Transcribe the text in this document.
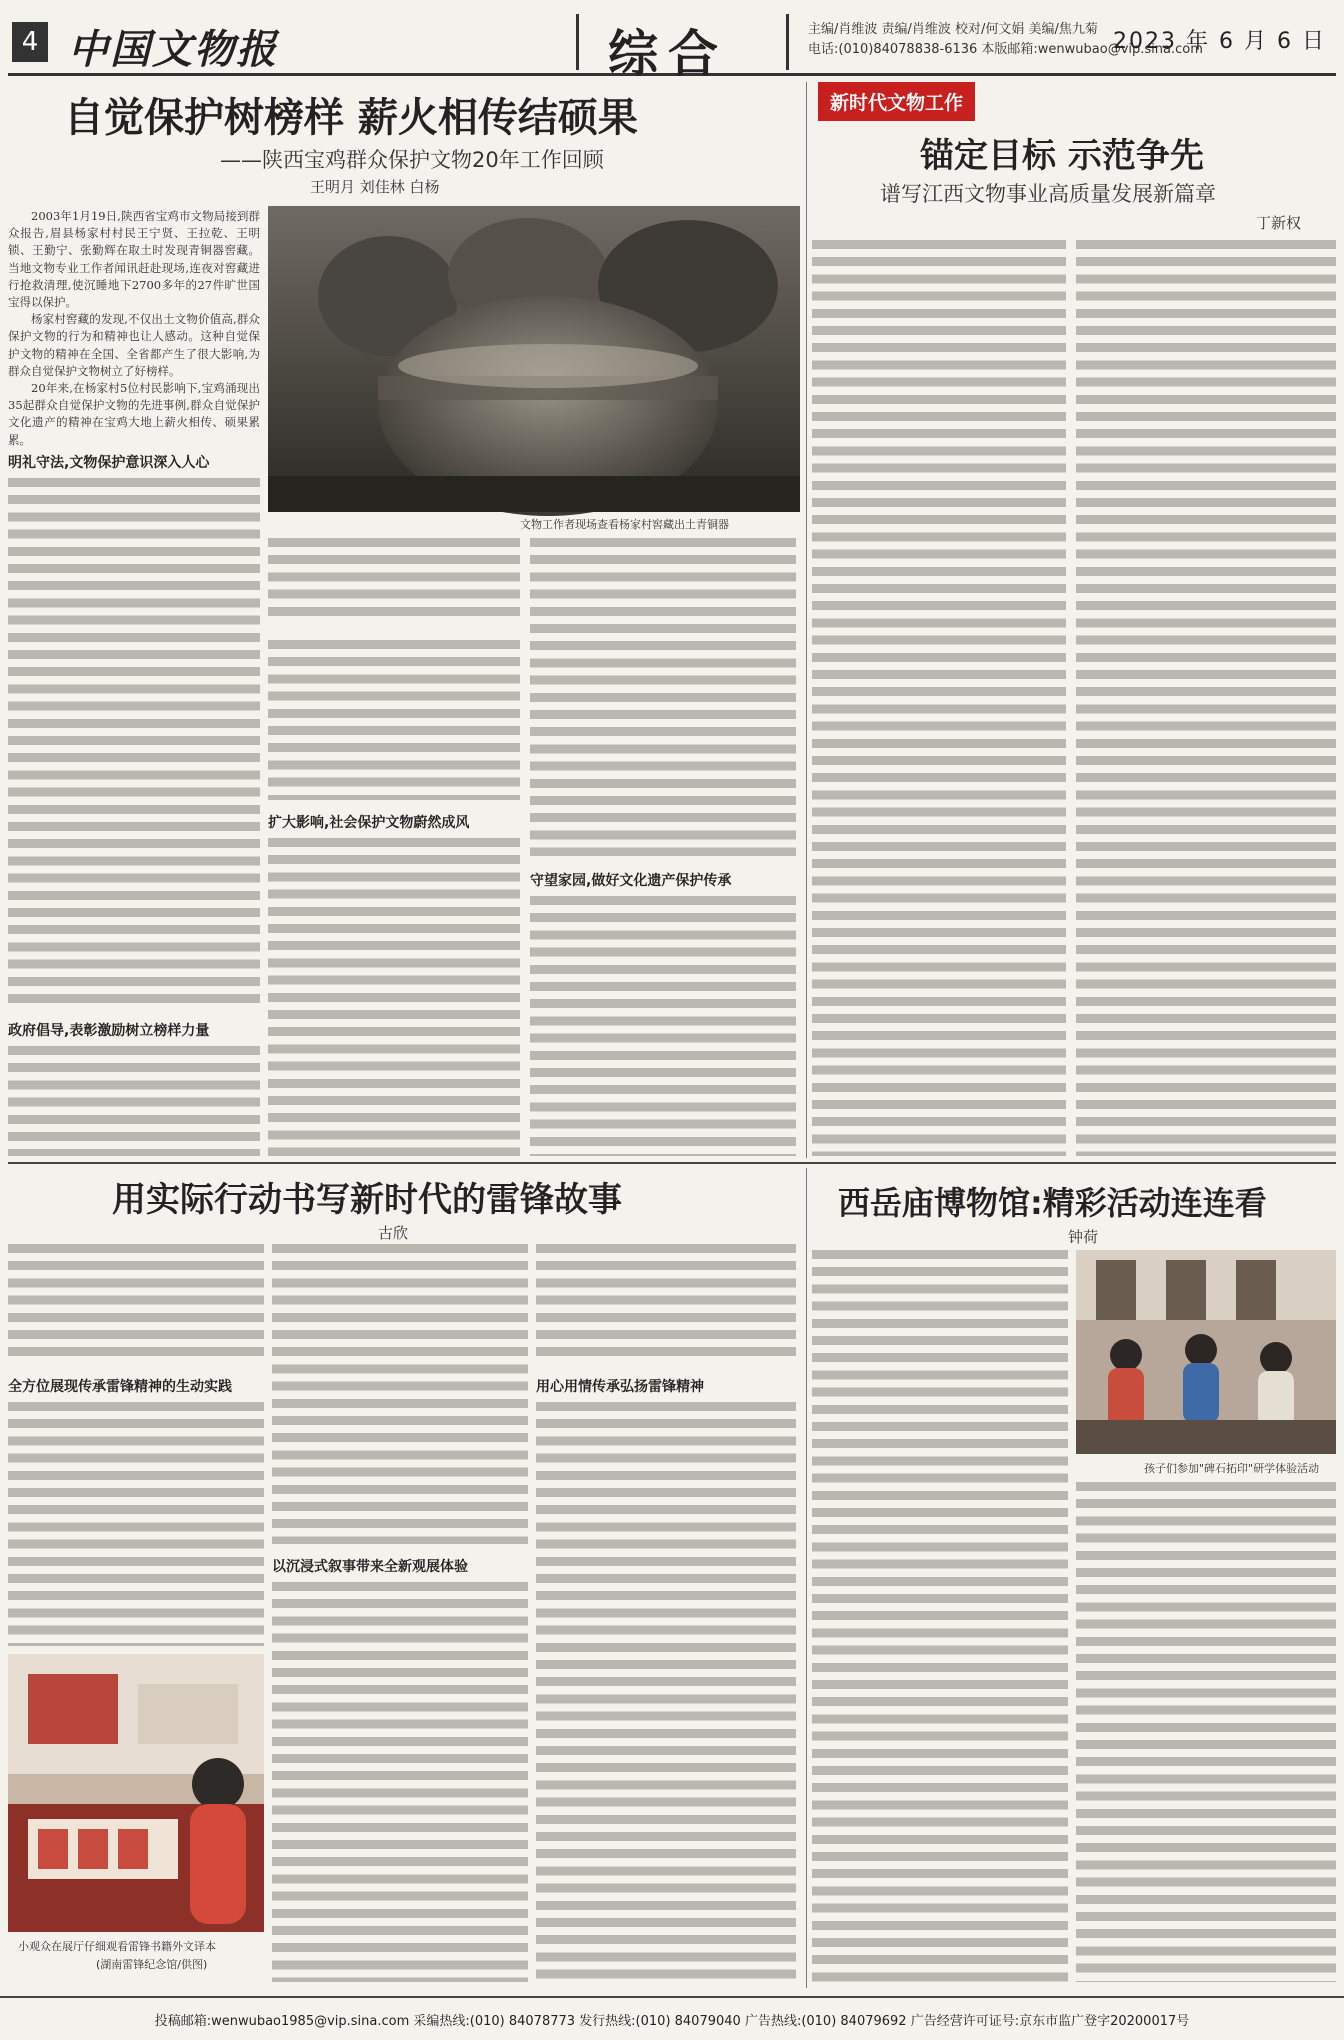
4 中国文物报	综合	主编/肖维波 责编/肖维波 校对/何文娟 美编/焦九菊
电话:(010)84078838-6136 本版邮箱:wenwubao@vip.sina.com
2023 年 6 月 6 日
自觉保护树榜样 薪火相传结硕果
——陕西宝鸡群众保护文物20年工作回顾
王明月 刘佳林 白杨

2003年1月19日,陕西省宝鸡市文物局接到群众报告,眉县杨家村村民王宁贤、王拉乾、王明锁、王勤宁、张勤辉在取土时发现青铜器窖藏。当地文物专业工作者闻讯赶赴现场,连夜对窖藏进行抢救清理,使沉睡地下2700多年的27件旷世国宝得以保护。

杨家村窖藏的发现,不仅出土文物价值高,群众保护文物的行为和精神也让人感动。这种自觉保护文物的精神在全国、全省都产生了很大影响,为群众自觉保护文物树立了好榜样。

20年来,在杨家村5位村民影响下,宝鸡涌现出35起群众自觉保护文物的先进事例,群众自觉保护文化遗产的精神在宝鸡大地上薪火相传、硕果累累。

明礼守法,文物保护意识深入人心
政府倡导,表彰激励树立榜样力量
文物工作者现场查看杨家村窖藏出土青铜器
扩大影响,社会保护文物蔚然成风
守望家园,做好文化遗产保护传承
新时代文物工作
锚定目标 示范争先
谱写江西文物事业高质量发展新篇章
丁新权
用实际行动书写新时代的雷锋故事
古欣
全方位展现传承雷锋精神的生动实践
小观众在展厅仔细观看雷锋书籍外文译本
(湖南雷锋纪念馆/供图)
以沉浸式叙事带来全新观展体验
用心用情传承弘扬雷锋精神
西岳庙博物馆:精彩活动连连看
钟荷
孩子们参加"碑石拓印"研学体验活动
投稿邮箱:wenwubao1985@vip.sina.com 采编热线:(010) 84078773 发行热线:(010) 84079040 广告热线:(010) 84079692 广告经营许可证号:京东市监广登字20200017号
